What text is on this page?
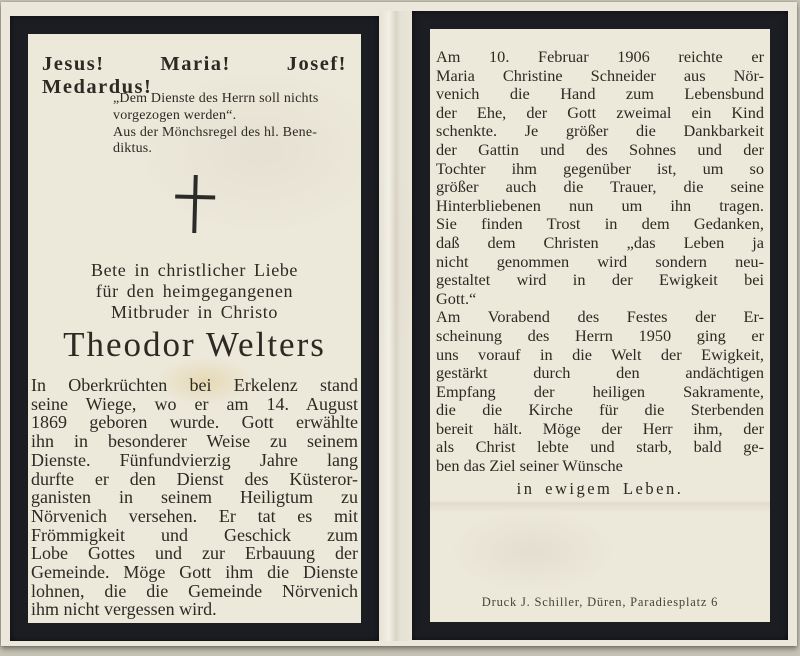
Jesus! Maria! Josef! Medardus!
„Dem Dienste des Herrn soll nichts
vorgezogen werden“.
Aus der Mönchsregel des hl. Bene-
diktus.
Bete in christlicher Liebe
für den heimgegangenen
Mitbruder in Christo
Theodor Welters
In Oberkrüchten bei Erkelenz stand
seine Wiege, wo er am 14. August
1869 geboren wurde. Gott erwählte
ihn in besonderer Weise zu seinem
Dienste. Fünfundvierzig Jahre lang
durfte er den Dienst des Küsteror-
ganisten in seinem Heiligtum zu
Nörvenich versehen. Er tat es mit
Frömmigkeit und Geschick zum
Lobe Gottes und zur Erbauung der
Gemeinde. Möge Gott ihm die Dienste
lohnen, die die Gemeinde Nörvenich
ihm nicht vergessen wird.
Am 10. Februar 1906 reichte er
Maria Christine Schneider aus Nör-
venich die Hand zum Lebensbund
der Ehe, der Gott zweimal ein Kind
schenkte. Je größer die Dankbarkeit
der Gattin und des Sohnes und der
Tochter ihm gegenüber ist, um so
größer auch die Trauer, die seine
Hinterbliebenen nun um ihn tragen.
Sie finden Trost in dem Gedanken,
daß dem Christen „das Leben ja
nicht genommen wird sondern neu-
gestaltet wird in der Ewigkeit bei
Gott.“
Am Vorabend des Festes der Er-
scheinung des Herrn 1950 ging er
uns vorauf in die Welt der Ewigkeit,
gestärkt durch den andächtigen
Empfang der heiligen Sakramente,
die die Kirche für die Sterbenden
bereit hält. Möge der Herr ihm, der
als Christ lebte und starb, bald ge-
ben das Ziel seiner Wünsche
in ewigem Leben.
Druck J. Schiller, Düren, Paradiesplatz 6
